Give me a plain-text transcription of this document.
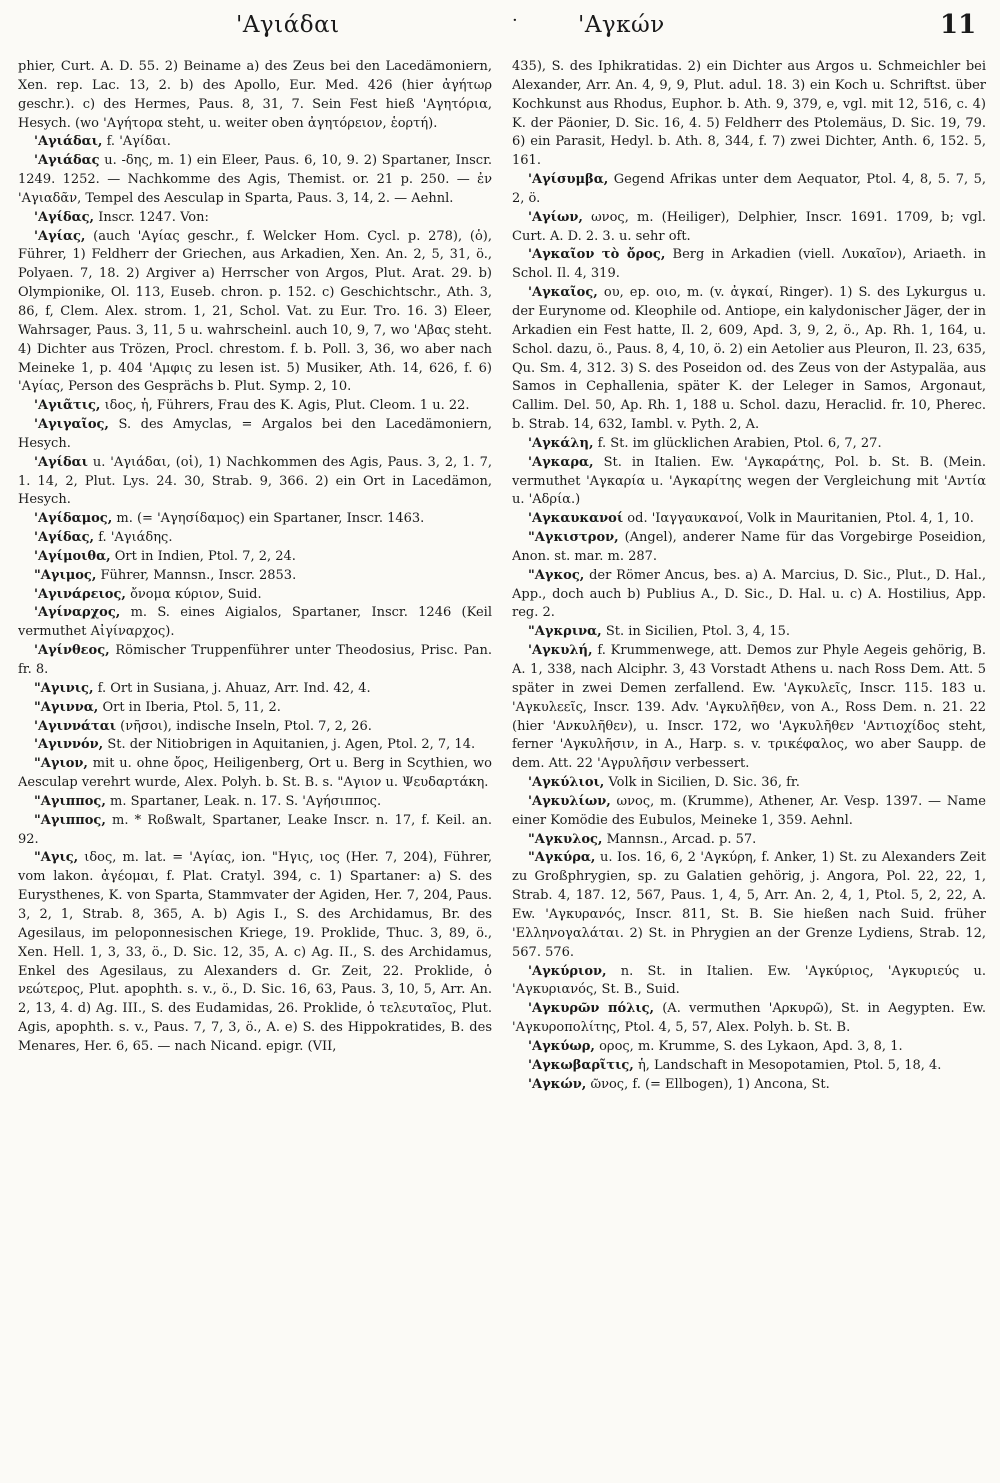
'Αγιάδαι	·	'Αγκών	11

phier, Curt. A. D. 55. 2) Beiname a) des Zeus bei den Lacedämoniern, Xen. rep. Lac. 13, 2. b) des Apollo, Eur. Med. 426 (hier ἀγήτωρ geschr.). c) des Hermes, Paus. 8, 31, 7. Sein Fest hieß 'Αγητόρια, Hesych. (wo 'Αγήτορα steht, u. weiter oben ἀγητόρειον, ἑορτή).

'Αγιάδαι, f. 'Αγίδαι.

'Αγιάδας u. -δης, m. 1) ein Eleer, Paus. 6, 10, 9. 2) Spartaner, Inscr. 1249. 1252. — Nachkomme des Agis, Themist. or. 21 p. 250. — ἐν 'Αγιαδᾶν, Tempel des Aesculap in Sparta, Paus. 3, 14, 2. — Aehnl.

'Αγίδας, Inscr. 1247. Von:

'Αγίας, (auch 'Αγίας geschr., f. Welcker Hom. Cycl. p. 278), (ὁ), Führer, 1) Feldherr der Griechen, aus Arkadien, Xen. An. 2, 5, 31, ö., Polyaen. 7, 18. 2) Argiver a) Herrscher von Argos, Plut. Arat. 29. b) Olympionike, Ol. 113, Euseb. chron. p. 152. c) Geschichtschr., Ath. 3, 86, f, Clem. Alex. strom. 1, 21, Schol. Vat. zu Eur. Tro. 16. 3) Eleer, Wahrsager, Paus. 3, 11, 5 u. wahrscheinl. auch 10, 9, 7, wo 'Αβας steht. 4) Dichter aus Trözen, Procl. chrestom. f. b. Poll. 3, 36, wo aber nach Meineke 1, p. 404 'Αμφις zu lesen ist. 5) Musiker, Ath. 14, 626, f. 6) 'Αγίας, Person des Gesprächs b. Plut. Symp. 2, 10.

'Αγιᾶτις, ιδος, ἡ, Führers, Frau des K. Agis, Plut. Cleom. 1 u. 22.

'Αγιγαῖος, S. des Amyclas, = Argalos bei den Lacedämoniern, Hesych.

'Αγίδαι u. 'Αγιάδαι, (οἱ), 1) Nachkommen des Agis, Paus. 3, 2, 1. 7, 1. 14, 2, Plut. Lys. 24. 30, Strab. 9, 366. 2) ein Ort in Lacedämon, Hesych.

'Αγίδαμος, m. (= 'Αγησίδαμος) ein Spartaner, Inscr. 1463.

'Αγίδας, f. 'Αγιάδης.

'Αγίμοιθα, Ort in Indien, Ptol. 7, 2, 24.

"Αγιμος, Führer, Mannsn., Inscr. 2853.

'Αγινάρειος, ὄνομα κύριον, Suid.

'Αγίναρχος, m. S. eines Aigialos, Spartaner, Inscr. 1246 (Keil vermuthet Αἰγίναρχος).

'Αγίνθεος, Römischer Truppenführer unter Theodosius, Prisc. Pan. fr. 8.

"Αγινις, f. Ort in Susiana, j. Ahuaz, Arr. Ind. 42, 4.

"Αγιννα, Ort in Iberia, Ptol. 5, 11, 2.

'Αγιννάται (νῆσοι), indische Inseln, Ptol. 7, 2, 26.

'Αγιννόν, St. der Nitiobrigen in Aquitanien, j. Agen, Ptol. 2, 7, 14.

"Αγιον, mit u. ohne ὄρος, Heiligenberg, Ort u. Berg in Scythien, wo Aesculap verehrt wurde, Alex. Polyh. b. St. B. s. "Αγιον u. Ψευδαρτάκη.

"Αγιππος, m. Spartaner, Leak. n. 17. S. 'Αγήσιππος.

"Αγιππος, m. * Roßwalt, Spartaner, Leake Inscr. n. 17, f. Keil. an. 92.

"Αγις, ιδος, m. lat. = 'Αγίας, ion. "Ηγις, ιος (Her. 7, 204), Führer, vom lakon. ἀγέομαι, f. Plat. Cratyl. 394, c. 1) Spartaner: a) S. des Eurysthenes, K. von Sparta, Stammvater der Agiden, Her. 7, 204, Paus. 3, 2, 1, Strab. 8, 365, A. b) Agis I., S. des Archidamus, Br. des Agesilaus, im peloponnesischen Kriege, 19. Proklide, Thuc. 3, 89, ö., Xen. Hell. 1, 3, 33, ö., D. Sic. 12, 35, A. c) Ag. II., S. des Archidamus, Enkel des Agesilaus, zu Alexanders d. Gr. Zeit, 22. Proklide, ὁ νεώτερος, Plut. apophth. s. v., ö., D. Sic. 16, 63, Paus. 3, 10, 5, Arr. An. 2, 13, 4. d) Ag. III., S. des Eudamidas, 26. Proklide, ὁ τελευταῖος, Plut. Agis, apophth. s. v., Paus. 7, 7, 3, ö., A. e) S. des Hippokratides, B. des Menares, Her. 6, 65. — nach Nicand. epigr. (VII,

435), S. des Iphikratidas. 2) ein Dichter aus Argos u. Schmeichler bei Alexander, Arr. An. 4, 9, 9, Plut. adul. 18. 3) ein Koch u. Schriftst. über Kochkunst aus Rhodus, Euphor. b. Ath. 9, 379, e, vgl. mit 12, 516, c. 4) K. der Päonier, D. Sic. 16, 4. 5) Feldherr des Ptolemäus, D. Sic. 19, 79. 6) ein Parasit, Hedyl. b. Ath. 8, 344, f. 7) zwei Dichter, Anth. 6, 152. 5, 161.

'Αγίσυμβα, Gegend Afrikas unter dem Aequator, Ptol. 4, 8, 5. 7, 5, 2, ö.

'Αγίων, ωνος, m. (Heiliger), Delphier, Inscr. 1691. 1709, b; vgl. Curt. A. D. 2. 3. u. sehr oft.

'Αγκαῖον τὸ ὄρος, Berg in Arkadien (viell. Λυκαῖον), Ariaeth. in Schol. Il. 4, 319.

'Αγκαῖος, ου, ep. οιο, m. (v. ἀγκαί, Ringer). 1) S. des Lykurgus u. der Eurynome od. Kleophile od. Antiope, ein kalydonischer Jäger, der in Arkadien ein Fest hatte, Il. 2, 609, Apd. 3, 9, 2, ö., Ap. Rh. 1, 164, u. Schol. dazu, ö., Paus. 8, 4, 10, ö. 2) ein Aetolier aus Pleuron, Il. 23, 635, Qu. Sm. 4, 312. 3) S. des Poseidon od. des Zeus von der Astypaläa, aus Samos in Cephallenia, später K. der Leleger in Samos, Argonaut, Callim. Del. 50, Ap. Rh. 1, 188 u. Schol. dazu, Heraclid. fr. 10, Pherec. b. Strab. 14, 632, Iambl. v. Pyth. 2, A.

'Αγκάλη, f. St. im glücklichen Arabien, Ptol. 6, 7, 27.

'Αγκαρα, St. in Italien. Ew. 'Αγκαράτης, Pol. b. St. B. (Mein. vermuthet 'Αγκαρία u. 'Αγκαρίτης wegen der Vergleichung mit 'Αντία u. 'Αδρία.)

'Αγκαυκανοί od. 'Ιαγγαυκανοί, Volk in Mauritanien, Ptol. 4, 1, 10.

"Αγκιστρον, (Angel), anderer Name für das Vorgebirge Poseidion, Anon. st. mar. m. 287.

"Αγκος, der Römer Ancus, bes. a) A. Marcius, D. Sic., Plut., D. Hal., App., doch auch b) Publius A., D. Sic., D. Hal. u. c) A. Hostilius, App. reg. 2.

"Αγκρινα, St. in Sicilien, Ptol. 3, 4, 15.

'Αγκυλή, f. Krummenwege, att. Demos zur Phyle Aegeis gehörig, B. A. 1, 338, nach Alciphr. 3, 43 Vorstadt Athens u. nach Ross Dem. Att. 5 später in zwei Demen zerfallend. Ew. 'Αγκυλεῖς, Inscr. 115. 183 u. 'Αγκυλεεῖς, Inscr. 139. Adv. 'Αγκυλῆθεν, von A., Ross Dem. n. 21. 22 (hier 'Ανκυλῆθεν), u. Inscr. 172, wo 'Αγκυλῆθεν 'Αντιοχίδος steht, ferner 'Αγκυλῆσιν, in A., Harp. s. v. τρικέφαλος, wo aber Saupp. de dem. Att. 22 'Αγρυλῆσιν verbessert.

'Αγκύλιοι, Volk in Sicilien, D. Sic. 36, fr.

'Αγκυλίων, ωνος, m. (Krumme), Athener, Ar. Vesp. 1397. — Name einer Komödie des Eubulos, Meineke 1, 359. Aehnl.

"Αγκυλος, Mannsn., Arcad. p. 57.

"Αγκύρα, u. Ios. 16, 6, 2 'Αγκύρη, f. Anker, 1) St. zu Alexanders Zeit zu Großphrygien, sp. zu Galatien gehörig, j. Angora, Pol. 22, 22, 1, Strab. 4, 187. 12, 567, Paus. 1, 4, 5, Arr. An. 2, 4, 1, Ptol. 5, 2, 22, A. Ew. 'Αγκυρανός, Inscr. 811, St. B. Sie hießen nach Suid. früher 'Ελληνογαλάται. 2) St. in Phrygien an der Grenze Lydiens, Strab. 12, 567. 576.

'Αγκύριον, n. St. in Italien. Ew. 'Αγκύριος, 'Αγκυριεύς u. 'Αγκυριανός, St. B., Suid.

'Αγκυρῶν πόλις, (A. vermuthen 'Αρκυρῶ), St. in Aegypten. Ew. 'Αγκυροπολίτης, Ptol. 4, 5, 57, Alex. Polyh. b. St. B.

'Αγκύωρ, ορος, m. Krumme, S. des Lykaon, Apd. 3, 8, 1.

'Αγκωβαρῖτις, ἡ, Landschaft in Mesopotamien, Ptol. 5, 18, 4.

'Αγκών, ῶνος, f. (= Ellbogen), 1) Ancona, St.
